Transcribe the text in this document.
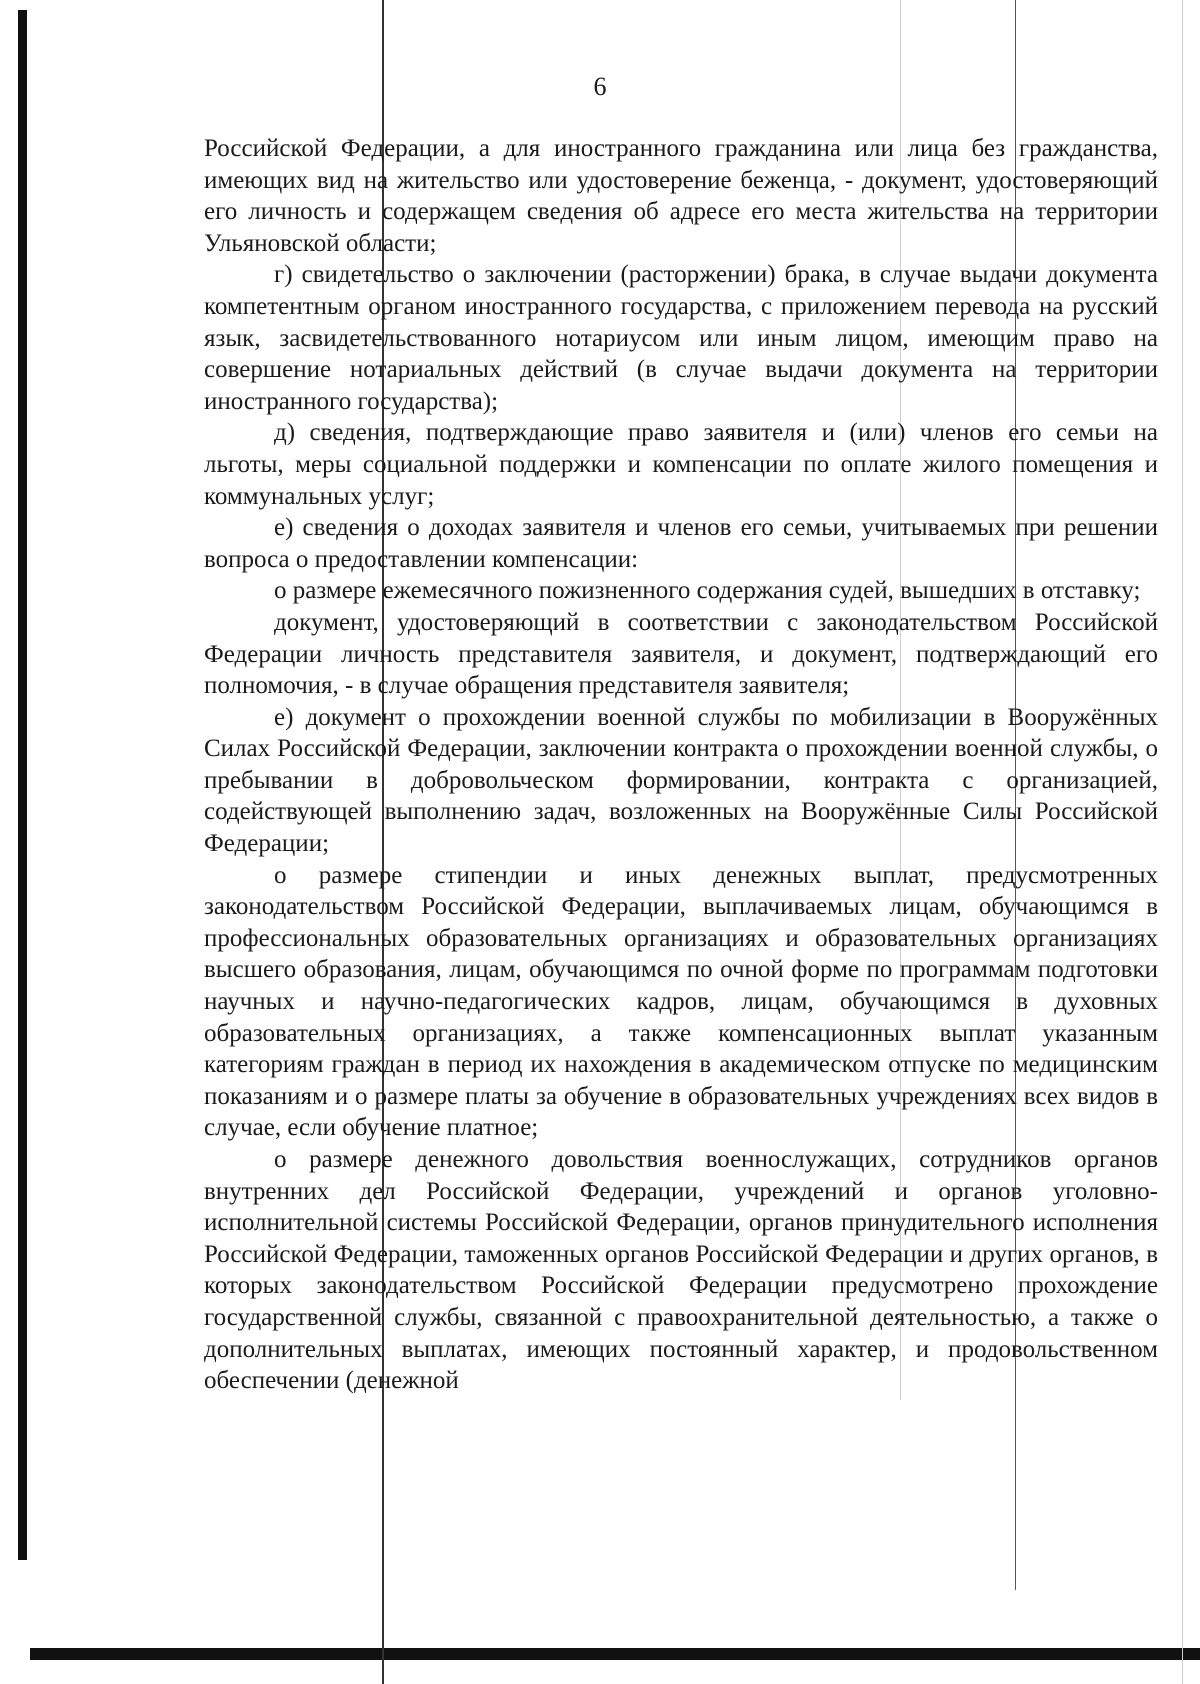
6

Российской Федерации, а для иностранного гражданина или лица без гражданства, имеющих вид на жительство или удостоверение беженца, - документ, удостоверяющий его личность и содержащем сведения об адресе его места жительства на территории Ульяновской области;

г) свидетельство о заключении (расторжении) брака, в случае выдачи документа компетентным органом иностранного государства, с приложением перевода на русский язык, засвидетельствованного нотариусом или иным лицом, имеющим право на совершение нотариальных действий (в случае выдачи документа на территории иностранного государства);

д) сведения, подтверждающие право заявителя и (или) членов его семьи на льготы, меры социальной поддержки и компенсации по оплате жилого помещения и коммунальных услуг;

е) сведения о доходах заявителя и членов его семьи, учитываемых при решении вопроса о предоставлении компенсации:

о размере ежемесячного пожизненного содержания судей, вышедших в отставку;

документ, удостоверяющий в соответствии с законодательством Российской Федерации личность представителя заявителя, и документ, подтверждающий его полномочия, - в случае обращения представителя заявителя;

е) документ о прохождении военной службы по мобилизации в Вооружённых Силах Российской Федерации, заключении контракта о прохождении военной службы, о пребывании в добровольческом формировании, контракта с организацией, содействующей выполнению задач, возложенных на Вооружённые Силы Российской Федерации;

о размере стипендии и иных денежных выплат, предусмотренных законодательством Российской Федерации, выплачиваемых лицам, обучающимся в профессиональных образовательных организациях и образовательных организациях высшего образования, лицам, обучающимся по очной форме по программам подготовки научных и научно-педагогических кадров, лицам, обучающимся в духовных образовательных организациях, а также компенсационных выплат указанным категориям граждан в период их нахождения в академическом отпуске по медицинским показаниям и о размере платы за обучение в образовательных учреждениях всех видов в случае, если обучение платное;

о размере денежного довольствия военнослужащих, сотрудников органов внутренних дел Российской Федерации, учреждений и органов уголовно-исполнительной системы Российской Федерации, органов принудительного исполнения Российской Федерации, таможенных органов Российской Федерации и других органов, в которых законодательством Российской Федерации предусмотрено прохождение государственной службы, связанной с правоохранительной деятельностью, а также о дополнительных выплатах, имеющих постоянный характер, и продовольственном обеспечении (денежной
